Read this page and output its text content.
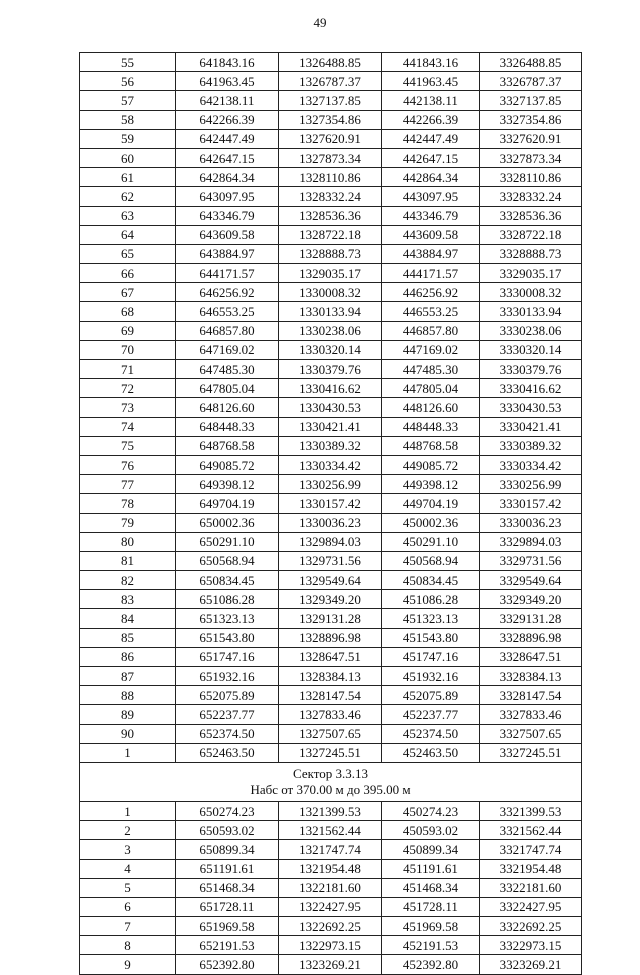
49
55	641843.16	1326488.85	441843.16	3326488.85
56	641963.45	1326787.37	441963.45	3326787.37
57	642138.11	1327137.85	442138.11	3327137.85
58	642266.39	1327354.86	442266.39	3327354.86
59	642447.49	1327620.91	442447.49	3327620.91
60	642647.15	1327873.34	442647.15	3327873.34
61	642864.34	1328110.86	442864.34	3328110.86
62	643097.95	1328332.24	443097.95	3328332.24
63	643346.79	1328536.36	443346.79	3328536.36
64	643609.58	1328722.18	443609.58	3328722.18
65	643884.97	1328888.73	443884.97	3328888.73
66	644171.57	1329035.17	444171.57	3329035.17
67	646256.92	1330008.32	446256.92	3330008.32
68	646553.25	1330133.94	446553.25	3330133.94
69	646857.80	1330238.06	446857.80	3330238.06
70	647169.02	1330320.14	447169.02	3330320.14
71	647485.30	1330379.76	447485.30	3330379.76
72	647805.04	1330416.62	447805.04	3330416.62
73	648126.60	1330430.53	448126.60	3330430.53
74	648448.33	1330421.41	448448.33	3330421.41
75	648768.58	1330389.32	448768.58	3330389.32
76	649085.72	1330334.42	449085.72	3330334.42
77	649398.12	1330256.99	449398.12	3330256.99
78	649704.19	1330157.42	449704.19	3330157.42
79	650002.36	1330036.23	450002.36	3330036.23
80	650291.10	1329894.03	450291.10	3329894.03
81	650568.94	1329731.56	450568.94	3329731.56
82	650834.45	1329549.64	450834.45	3329549.64
83	651086.28	1329349.20	451086.28	3329349.20
84	651323.13	1329131.28	451323.13	3329131.28
85	651543.80	1328896.98	451543.80	3328896.98
86	651747.16	1328647.51	451747.16	3328647.51
87	651932.16	1328384.13	451932.16	3328384.13
88	652075.89	1328147.54	452075.89	3328147.54
89	652237.77	1327833.46	452237.77	3327833.46
90	652374.50	1327507.65	452374.50	3327507.65
1	652463.50	1327245.51	452463.50	3327245.51

Сектор 3.3.13
Набс от 370.00 м до 395.00 м				

1	650274.23	1321399.53	450274.23	3321399.53
2	650593.02	1321562.44	450593.02	3321562.44
3	650899.34	1321747.74	450899.34	3321747.74
4	651191.61	1321954.48	451191.61	3321954.48
5	651468.34	1322181.60	451468.34	3322181.60
6	651728.11	1322427.95	451728.11	3322427.95
7	651969.58	1322692.25	451969.58	3322692.25
8	652191.53	1322973.15	452191.53	3322973.15
9	652392.80	1323269.21	452392.80	3323269.21
